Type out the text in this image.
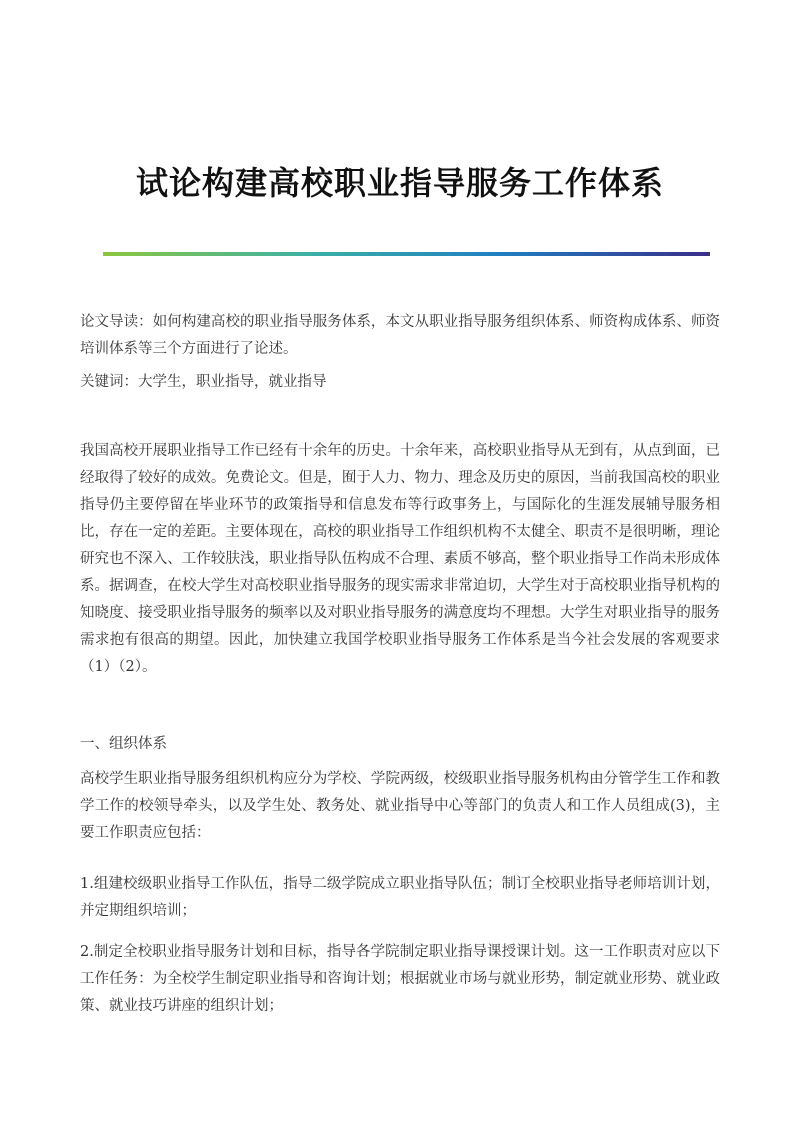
试论构建高校职业指导服务工作体系

论文导读：如何构建高校的职业指导服务体系，本文从职业指导服务组织体系、师资构成体系、师资培训体系等三个方面进行了论述。

关键词：大学生，职业指导，就业指导

我国高校开展职业指导工作已经有十余年的历史。十余年来，高校职业指导从无到有，从点到面，已经取得了较好的成效。免费论文。但是，囿于人力、物力、理念及历史的原因，当前我国高校的职业指导仍主要停留在毕业环节的政策指导和信息发布等行政事务上，与国际化的生涯发展辅导服务相比，存在一定的差距。主要体现在，高校的职业指导工作组织机构不太健全、职责不是很明晰，理论研究也不深入、工作较肤浅，职业指导队伍构成不合理、素质不够高，整个职业指导工作尚未形成体系。据调查，在校大学生对高校职业指导服务的现实需求非常迫切，大学生对于高校职业指导机构的知晓度、接受职业指导服务的频率以及对职业指导服务的满意度均不理想。大学生对职业指导的服务需求抱有很高的期望。因此，加快建立我国学校职业指导服务工作体系是当今社会发展的客观要求（1）（2）。

一、组织体系

高校学生职业指导服务组织机构应分为学校、学院两级，校级职业指导服务机构由分管学生工作和教学工作的校领导牵头，以及学生处、教务处、就业指导中心等部门的负责人和工作人员组成(3)，主要工作职责应包括：

1.组建校级职业指导工作队伍，指导二级学院成立职业指导队伍；制订全校职业指导老师培训计划，并定期组织培训；

2.制定全校职业指导服务计划和目标，指导各学院制定职业指导课授课计划。这一工作职责对应以下工作任务：为全校学生制定职业指导和咨询计划；根据就业市场与就业形势，制定就业形势、就业政策、就业技巧讲座的组织计划；
